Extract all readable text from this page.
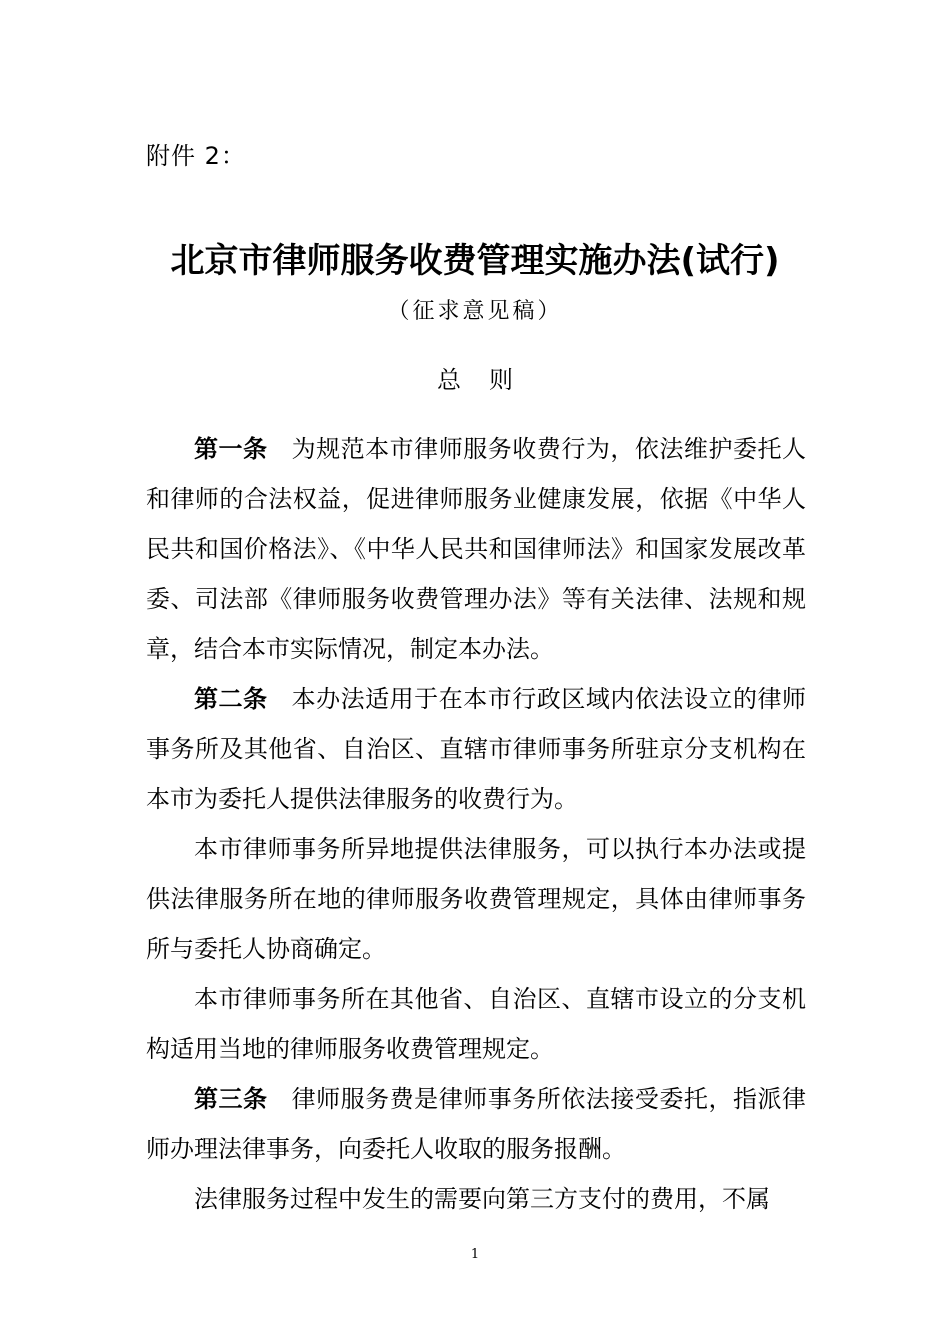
附件 2：
北京市律师服务收费管理实施办法(试行)
（征求意见稿）
总 则

第一条 为规范本市律师服务收费行为，依法维护委托人和律师的合法权益，促进律师服务业健康发展，依据《中华人民共和国价格法》、《中华人民共和国律师法》和国家发展改革委、司法部《律师服务收费管理办法》等有关法律、法规和规章，结合本市实际情况，制定本办法。

第二条 本办法适用于在本市行政区域内依法设立的律师事务所及其他省、自治区、直辖市律师事务所驻京分支机构在本市为委托人提供法律服务的收费行为。

本市律师事务所异地提供法律服务，可以执行本办法或提供法律服务所在地的律师服务收费管理规定，具体由律师事务所与委托人协商确定。

本市律师事务所在其他省、自治区、直辖市设立的分支机构适用当地的律师服务收费管理规定。

第三条 律师服务费是律师事务所依法接受委托，指派律师办理法律事务，向委托人收取的服务报酬。

法律服务过程中发生的需要向第三方支付的费用，不属

1
